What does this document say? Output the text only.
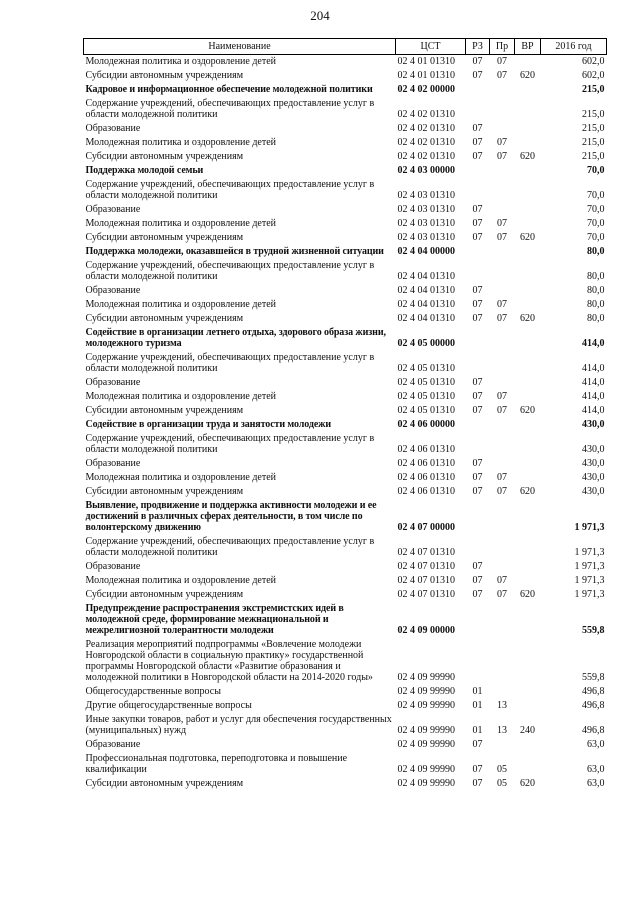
204
Наименование	ЦСТ	РЗ	Пр	ВР	2016 год
Молодежная политика и оздоровление детей	02 4 01 01310	07	07		602,0
Субсидии автономным учреждениям	02 4 01 01310	07	07	620	602,0
Кадровое и информационное обеспечение молодежной политики	02 4 02 00000				215,0
Содержание учреждений, обеспечивающих предоставление услуг в области молодежной политики	02 4 02 01310				215,0
Образование	02 4 02 01310	07			215,0
Молодежная политика и оздоровление детей	02 4 02 01310	07	07		215,0
Субсидии автономным учреждениям	02 4 02 01310	07	07	620	215,0
Поддержка молодой семьи	02 4 03 00000				70,0
Содержание учреждений, обеспечивающих предоставление услуг в области молодежной политики	02 4 03 01310				70,0
Образование	02 4 03 01310	07			70,0
Молодежная политика и оздоровление детей	02 4 03 01310	07	07		70,0
Субсидии автономным учреждениям	02 4 03 01310	07	07	620	70,0
Поддержка молодежи, оказавшейся в трудной жизненной ситуации	02 4 04 00000				80,0
Содержание учреждений, обеспечивающих предоставление услуг в области молодежной политики	02 4 04 01310				80,0
Образование	02 4 04 01310	07			80,0
Молодежная политика и оздоровление детей	02 4 04 01310	07	07		80,0
Субсидии автономным учреждениям	02 4 04 01310	07	07	620	80,0
Содействие в организации летнего отдыха, здорового образа жизни, молодежного туризма	02 4 05 00000				414,0
Содержание учреждений, обеспечивающих предоставление услуг в области молодежной политики	02 4 05 01310				414,0
Образование	02 4 05 01310	07			414,0
Молодежная политика и оздоровление детей	02 4 05 01310	07	07		414,0
Субсидии автономным учреждениям	02 4 05 01310	07	07	620	414,0
Содействие в организации труда и занятости молодежи	02 4 06 00000				430,0
Содержание учреждений, обеспечивающих предоставление услуг в области молодежной политики	02 4 06 01310				430,0
Образование	02 4 06 01310	07			430,0
Молодежная политика и оздоровление детей	02 4 06 01310	07	07		430,0
Субсидии автономным учреждениям	02 4 06 01310	07	07	620	430,0
Выявление, продвижение и поддержка активности молодежи и ее достижений в различных сферах деятельности, в том числе по волонтерскому движению	02 4 07 00000				1 971,3
Содержание учреждений, обеспечивающих предоставление услуг в области молодежной политики	02 4 07 01310				1 971,3
Образование	02 4 07 01310	07			1 971,3
Молодежная политика и оздоровление детей	02 4 07 01310	07	07		1 971,3
Субсидии автономным учреждениям	02 4 07 01310	07	07	620	1 971,3
Предупреждение распространения экстремистских идей в молодежной среде, формирование межнациональной и межрелигиозной толерантности молодежи	02 4 09 00000				559,8
Реализация мероприятий подпрограммы «Вовлечение молодежи Новгородской области в социальную практику» государственной программы Новгородской области «Развитие образования и молодежной политики в Новгородской области на 2014-2020 годы»	02 4 09 99990				559,8
Общегосударственные вопросы	02 4 09 99990	01			496,8
Другие общегосударственные вопросы	02 4 09 99990	01	13		496,8
Иные закупки товаров, работ и услуг для обеспечения государственных (муниципальных) нужд	02 4 09 99990	01	13	240	496,8
Образование	02 4 09 99990	07			63,0
Профессиональная подготовка, переподготовка и повышение квалификации	02 4 09 99990	07	05		63,0
Субсидии автономным учреждениям	02 4 09 99990	07	05	620	63,0
